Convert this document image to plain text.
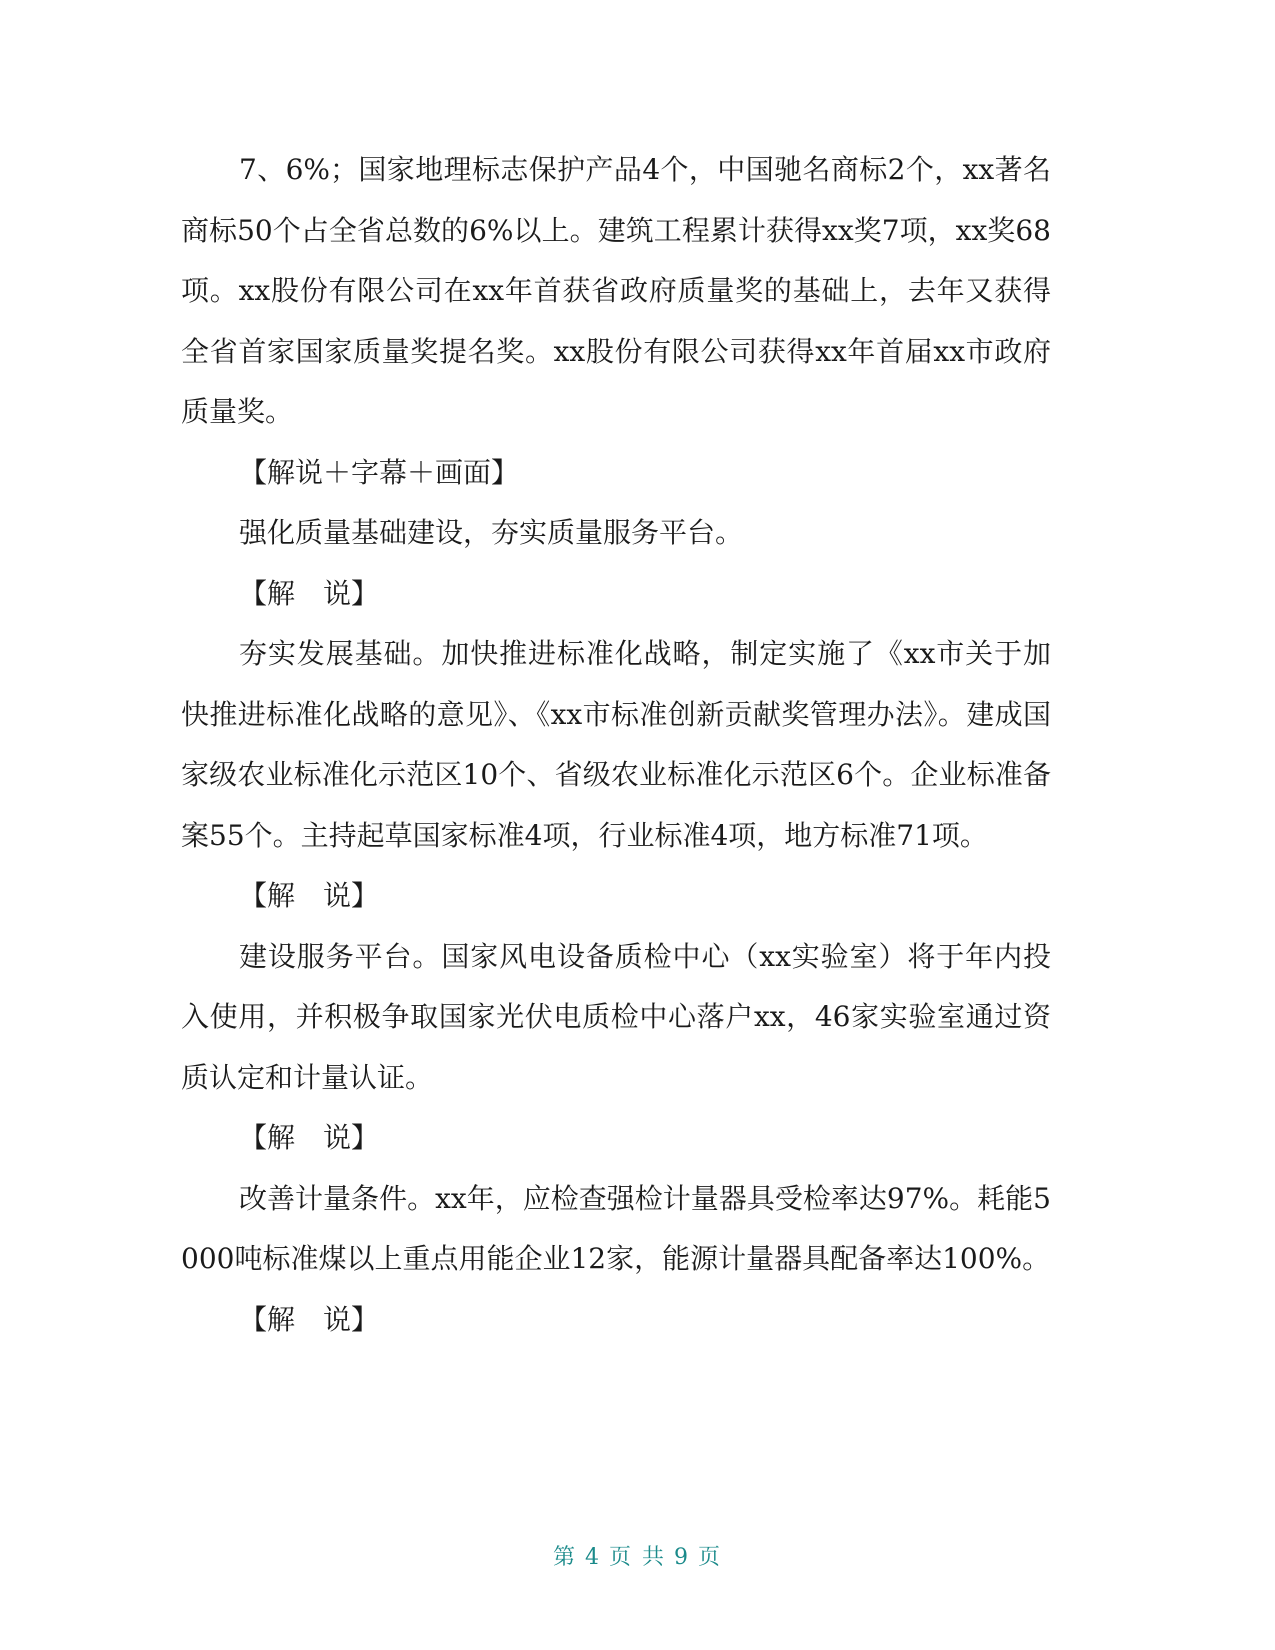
7、6%；国家地理标志保护产品4个，中国驰名商标2个，xx著名商标50个占全省总数的6%以上。建筑工程累计获得xx奖7项，xx奖68项。xx股份有限公司在xx年首获省政府质量奖的基础上，去年又获得全省首家国家质量奖提名奖。xx股份有限公司获得xx年首届xx市政府质量奖。

【解说＋字幕＋画面】

强化质量基础建设，夯实质量服务平台。

【解　说】

夯实发展基础。加快推进标准化战略，制定实施了《xx市关于加快推进标准化战略的意见》、《xx市标准创新贡献奖管理办法》。建成国家级农业标准化示范区10个、省级农业标准化示范区6个。企业标准备案55个。主持起草国家标准4项，行业标准4项，地方标准71项。

【解　说】

建设服务平台。国家风电设备质检中心（xx实验室）将于年内投入使用，并积极争取国家光伏电质检中心落户xx，46家实验室通过资质认定和计量认证。

【解　说】

改善计量条件。xx年，应检查强检计量器具受检率达97%。耗能5000吨标准煤以上重点用能企业12家，能源计量器具配备率达100%。

【解　说】

第 4 页 共 9 页
